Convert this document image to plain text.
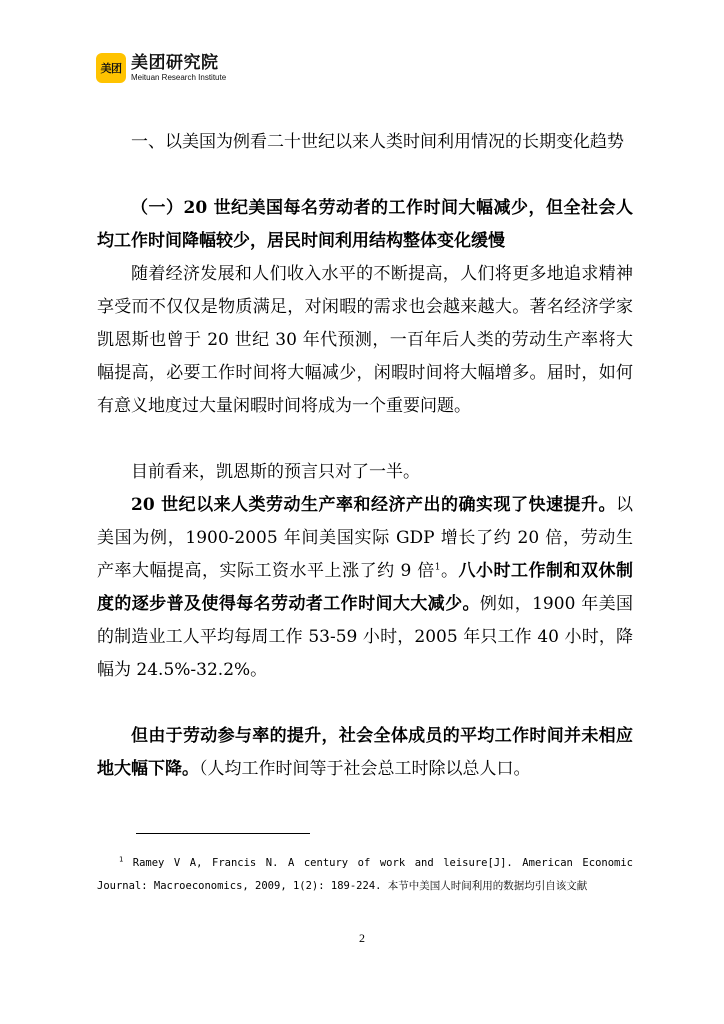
美团 美团研究院
Meituan Research Institute

一、以美国为例看二十世纪以来人类时间利用情况的长期变化趋势

（一）20 世纪美国每名劳动者的工作时间大幅减少，但全社会人均工作时间降幅较少，居民时间利用结构整体变化缓慢

随着经济发展和人们收入水平的不断提高，人们将更多地追求精神享受而不仅仅是物质满足，对闲暇的需求也会越来越大。著名经济学家凯恩斯也曾于 20 世纪 30 年代预测，一百年后人类的劳动生产率将大幅提高，必要工作时间将大幅减少，闲暇时间将大幅增多。届时，如何有意义地度过大量闲暇时间将成为一个重要问题。

目前看来，凯恩斯的预言只对了一半。

20 世纪以来人类劳动生产率和经济产出的确实现了快速提升。以美国为例，1900-2005 年间美国实际 GDP 增长了约 20 倍，劳动生产率大幅提高，实际工资水平上涨了约 9 倍$^1$。八小时工作制和双休制度的逐步普及使得每名劳动者工作时间大大减少。例如，1900 年美国的制造业工人平均每周工作 53-59 小时，2005 年只工作 40 小时，降幅为 24.5%-32.2%。

但由于劳动参与率的提升，社会全体成员的平均工作时间并未相应地大幅下降。（人均工作时间等于社会总工时除以总人口。

$^1$ Ramey V A, Francis N. A century of work and leisure[J]. American Economic Journal: Macroeconomics, 2009, 1(2): 189-224. 本节中美国人时间利用的数据均引自该文献

2
